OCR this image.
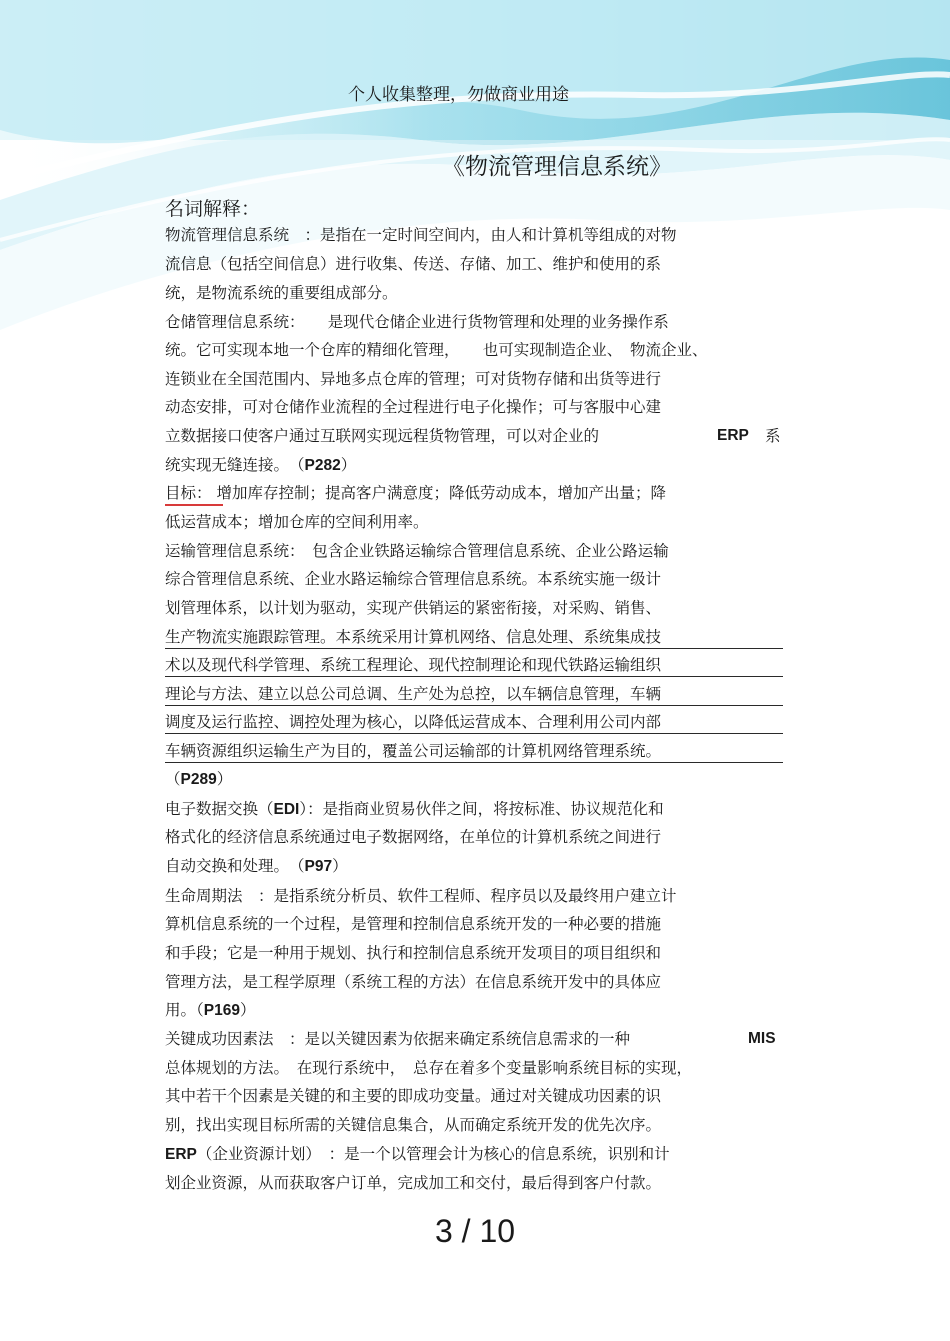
个人收集整理，勿做商业用途
《物流管理信息系统》
名词解释：
物流管理信息系统　：是指在一定时间空间内，由人和计算机等组成的对物
流信息（包括空间信息）进行收集、传送、存储、加工、维护和使用的系
统，是物流系统的重要组成部分。
仓储管理信息系统：　　是现代仓储企业进行货物管理和处理的业务操作系
统。它可实现本地一个仓库的精细化管理，　　也可实现制造企业、　物流企业、
连锁业在全国范围内、异地多点仓库的管理；可对货物存储和出货等进行
动态安排，可对仓储作业流程的全过程进行电子化操作；可与客服中心建
立数据接口使客户通过互联网实现远程货物管理，可以对企业的	ERP 系
统实现无缝连接。　（P282）
目标： 增加库存控制；提高客户满意度；降低劳动成本，增加产出量；降
低运营成本；增加仓库的空间利用率。
运输管理信息系统：　包含企业铁路运输综合管理信息系统、企业公路运输
综合管理信息系统、企业水路运输综合管理信息系统。本系统实施一级计
划管理体系，以计划为驱动，实现产供销运的紧密衔接，对采购、销售、
生产物流实施跟踪管理。本系统采用计算机网络、信息处理、系统集成技
术以及现代科学管理、系统工程理论、现代控制理论和现代铁路运输组织
理论与方法、建立以总公司总调、生产处为总控，以车辆信息管理，车辆
调度及运行监控、调控处理为核心，以降低运营成本、合理利用公司内部
车辆资源组织运输生产为目的，覆盖公司运输部的计算机网络管理系统。
（P289）
电子数据交换（EDI）：是指商业贸易伙伴之间，将按标准、协议规范化和
格式化的经济信息系统通过电子数据网络，在单位的计算机系统之间进行
自动交换和处理。　（P97）
生命周期法　：是指系统分析员、软件工程师、程序员以及最终用户建立计
算机信息系统的一个过程，是管理和控制信息系统开发的一种必要的措施
和手段；它是一种用于规划、执行和控制信息系统开发项目的项目组织和
管理方法，是工程学原理（系统工程的方法）在信息系统开发中的具体应
用。（P169）
关键成功因素法　：是以关键因素为依据来确定系统信息需求的一种	MIS
总体规划的方法。　在现行系统中，　总存在着多个变量影响系统目标的实现，
其中若干个因素是关键的和主要的即成功变量。通过对关键成功因素的识
别，找出实现目标所需的关键信息集合，从而确定系统开发的优先次序。
ERP（企业资源计划）　：是一个以管理会计为核心的信息系统，识别和计
划企业资源，从而获取客户订单，完成加工和交付，最后得到客户付款。
3 / 10
